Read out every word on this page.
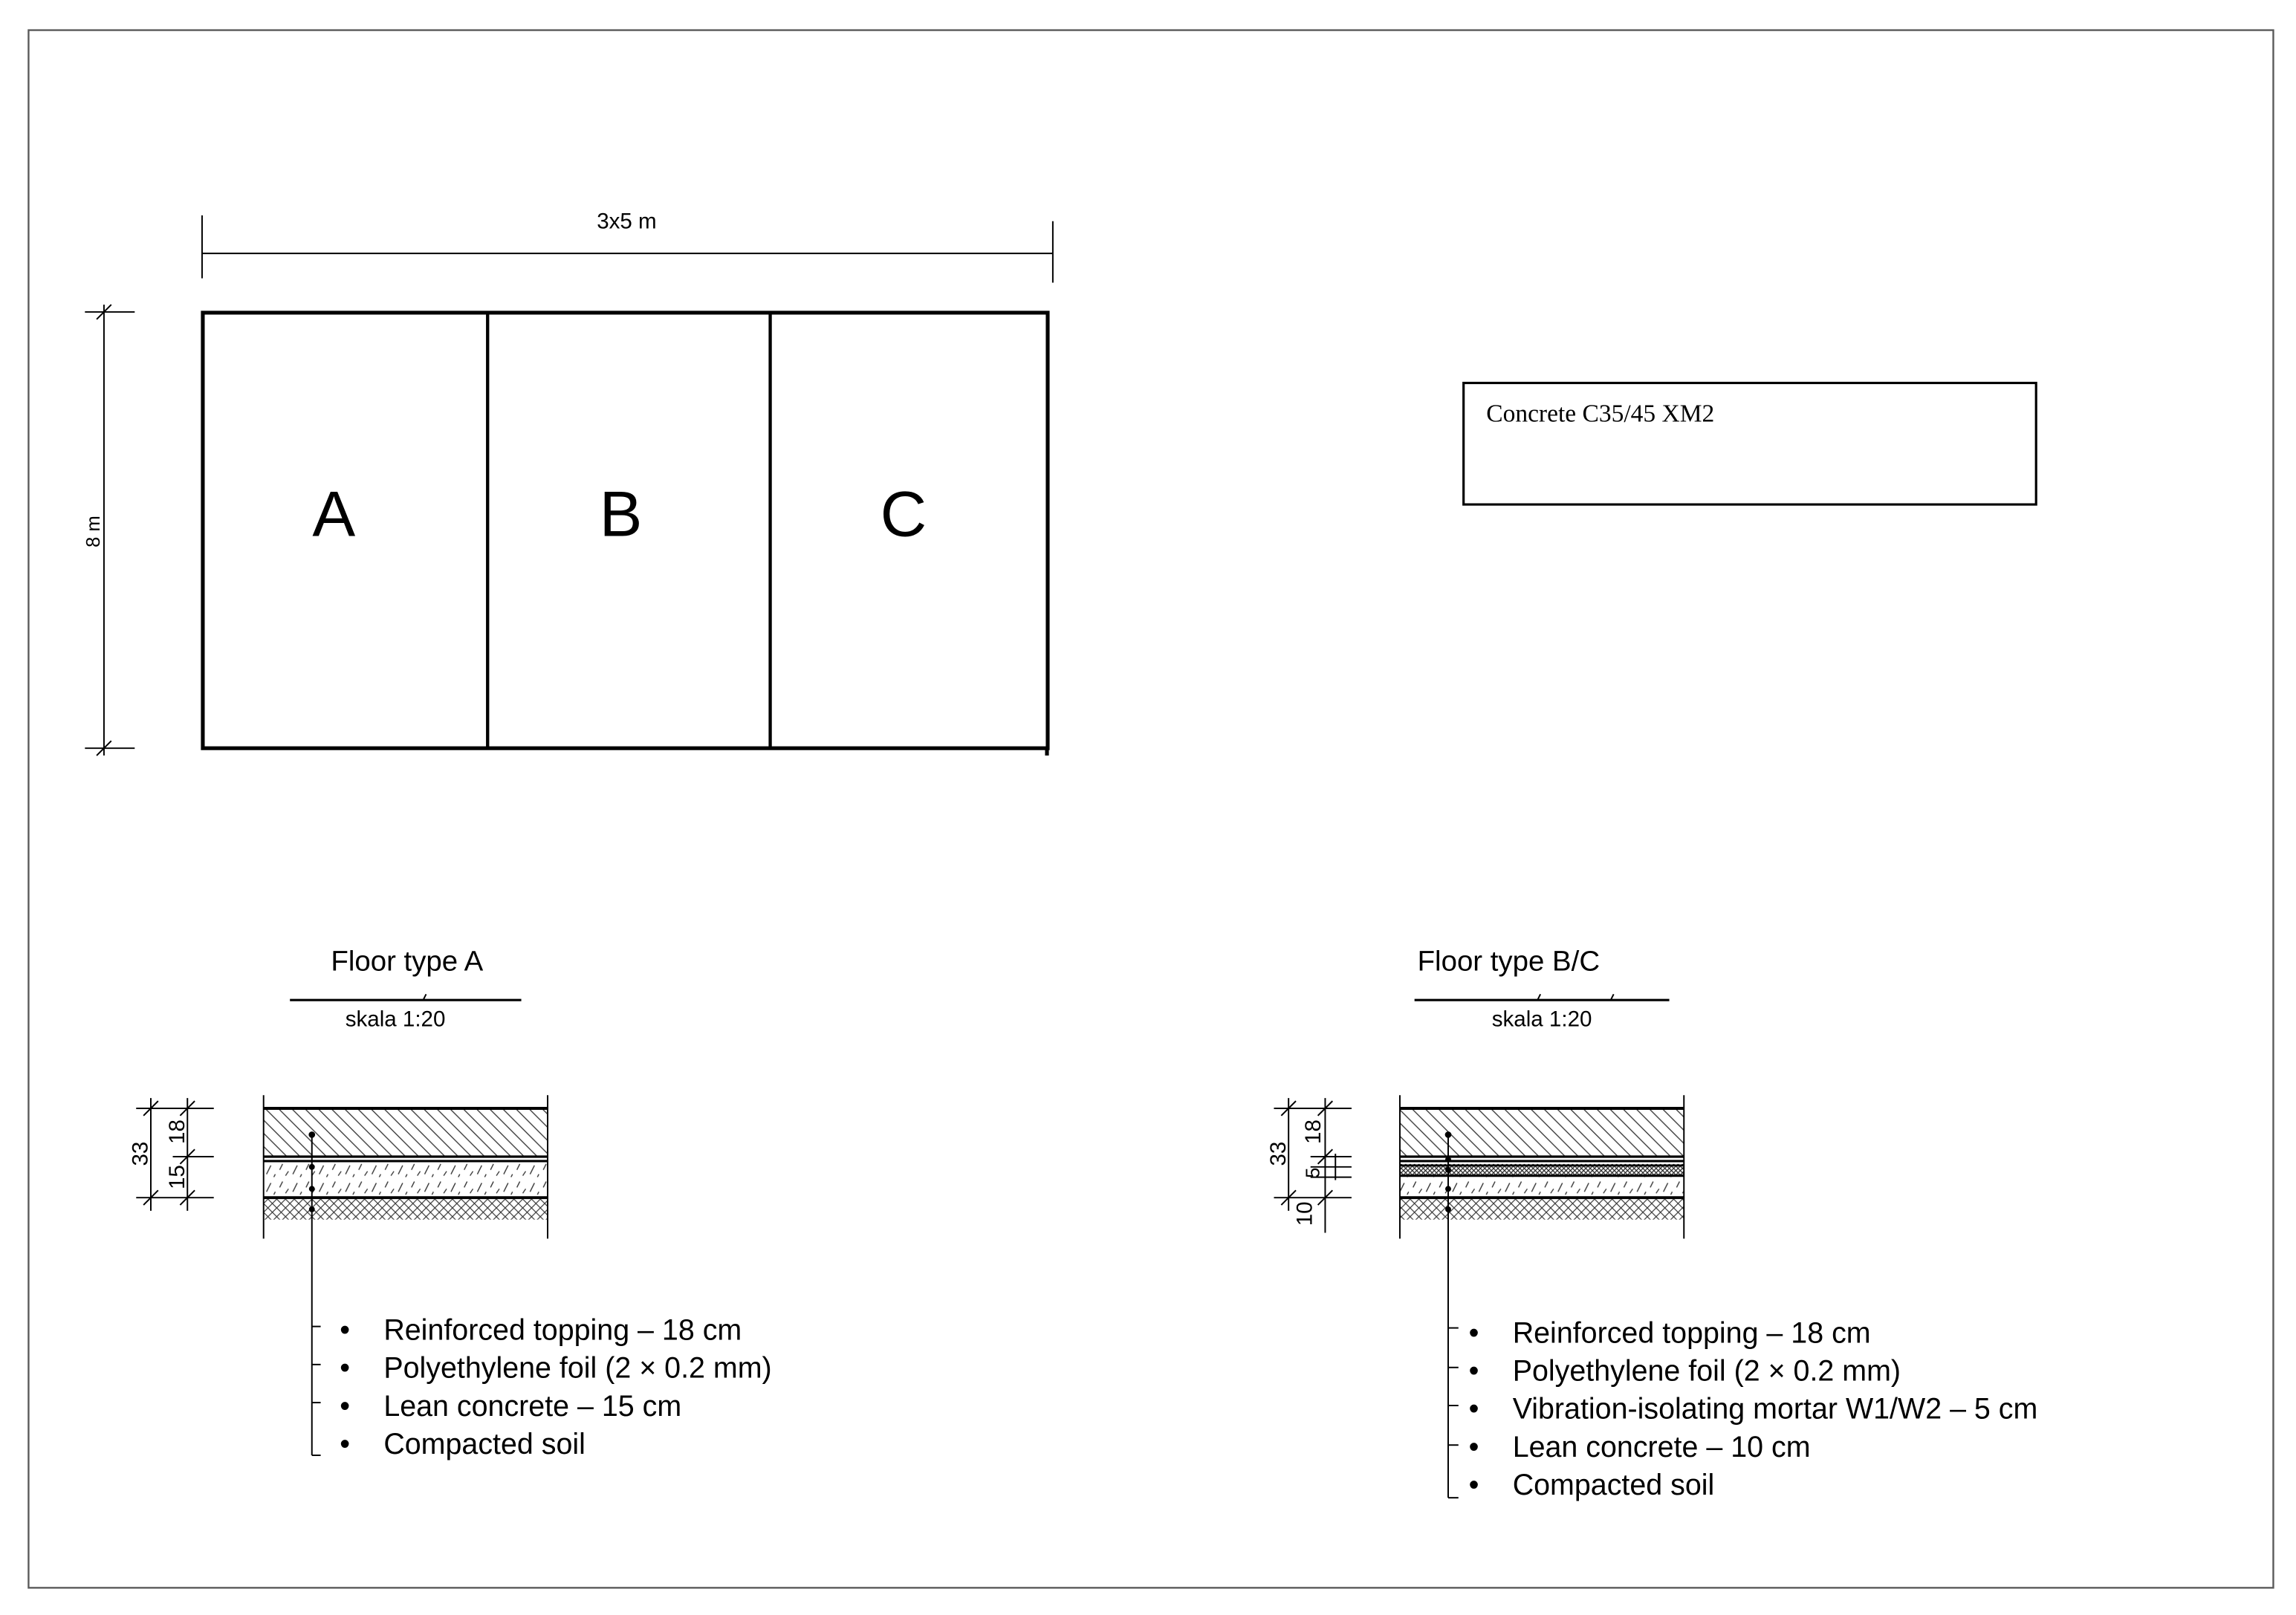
3x5 m
8 m	A	B	C
Concrete C35/45 XM2
Floor type A
skala 1:20
33
18
15
• Reinforced topping – 18 cm
• Polyethylene foil (2 × 0.2 mm)
• Lean concrete – 15 cm
• Compacted soil
Floor type B/C
skala 1:20
33
18
5
10
• Reinforced topping – 18 cm
• Polyethylene foil (2 × 0.2 mm)
• Vibration-isolating mortar W1/W2 – 5 cm
• Lean concrete – 10 cm
• Compacted soil
